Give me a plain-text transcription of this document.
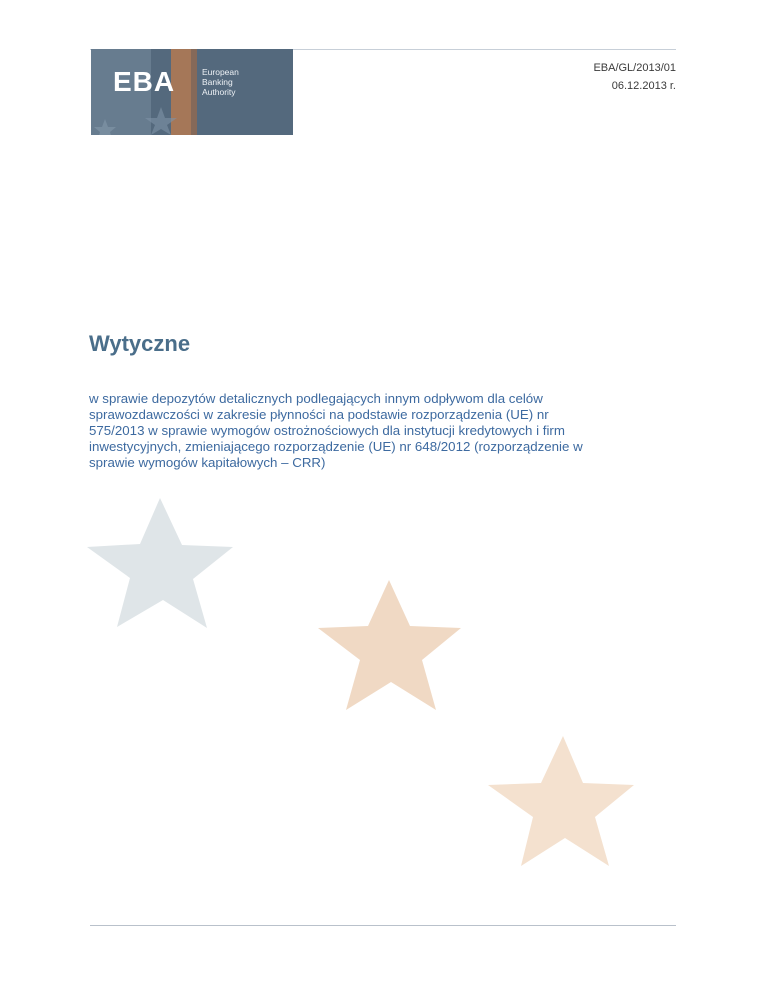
EBA	European
Banking
Authority
EBA/GL/2013/01
06.12.2013 r.
Wytyczne

w sprawie depozytów detalicznych podlegających innym odpływom dla celów
sprawozdawczości w zakresie płynności na podstawie rozporządzenia (UE) nr
575/2013 w sprawie wymogów ostrożnościowych dla instytucji kredytowych i firm
inwestycyjnych, zmieniającego rozporządzenie (UE) nr 648/2012 (rozporządzenie w
sprawie wymogów kapitałowych – CRR)
